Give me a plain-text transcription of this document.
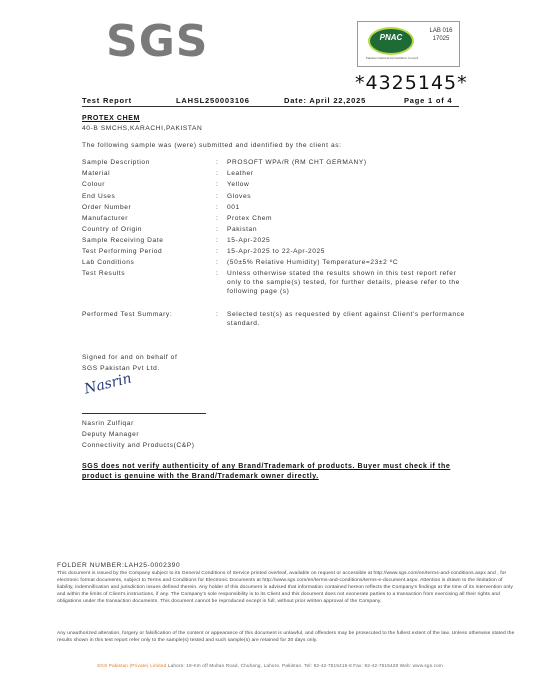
SGS	PNAC
Pakistan National Accreditation Council
LAB 016
17025
*4325145*
Test Report	LAHSL250003106	Date: April 22,2025	Page 1 of 4
PROTEX CHEM
40-B SMCHS,KARACHI,PAKISTAN
The following sample was (were) submitted and identified by the client as:
Sample Description	: PROSOFT WPA/R (RM CHT GERMANY)
Material	: Leather
Colour	: Yellow
End Uses	: Gloves
Order Number	: 001
Manufacturer	: Protex Chem
Country of Origin	: Pakistan
Sample Receiving Date	: 15-Apr-2025
Test Performing Period	: 15-Apr-2025 to 22-Apr-2025
Lab Conditions	: (50±5% Relative Humidity) Temperature=23±2 ºC
Test Results	: Unless otherwise stated the results shown in this test report refer only to the sample(s) tested, for further details, please refer to the following page (s)
Performed Test Summary:	: Selected test(s) as requested by client against Client's performance standard.
Signed for and on behalf of
SGS Pakistan Pvt Ltd.
Nasrin
Nasrin Zulfiqar
Deputy Manager
Connectivity and Products(C&P)
SGS does not verify authenticity of any Brand/Trademark of products. Buyer must check if the product is genuine with the Brand/Trademark owner directly.
FOLDER NUMBER:LAH25-0002390
This document is issued by the Company subject to its General Conditions of Service printed overleaf, available on request or accessible at http://www.sgs.com/en/terms-and-conditions.aspx and , for electronic format documents, subject to Terms and Conditions for Electronic Documents at http://www.sgs.com/en/terms-and-conditions/terms-e-document.aspx. Attention is drawn to the limitation of liability, indemnification and jurisdiction issues defined therein. Any holder of this document is advised that information contained hereon reflects the Company's findings at the time of its intervention only and within the limits of Client's instructions, if any. The Company's sole responsibility is to its Client and this document does not exonerate parties to a transaction from exercising all their rights and obligations under the transaction documents. This document cannot be reproduced except in full, without prior written approval of the Company.
Any unauthorized alteration, forgery or falsification of the content or appearance of this document is unlawful, and offenders may be prosecuted to the fullest extent of the law. Unless otherwise stated the results shown in this test report refer only to the sample(s) tested and such sample(s) are retained for 30 days only.
SGS Pakistan (Private) Limited Lahore: 19-Km off Multan Road, Chuhang, Lahore, Pakistan. Tel: 92-42-7515415-8 Fax: 92-42-7515428 Web: www.sgs.com
